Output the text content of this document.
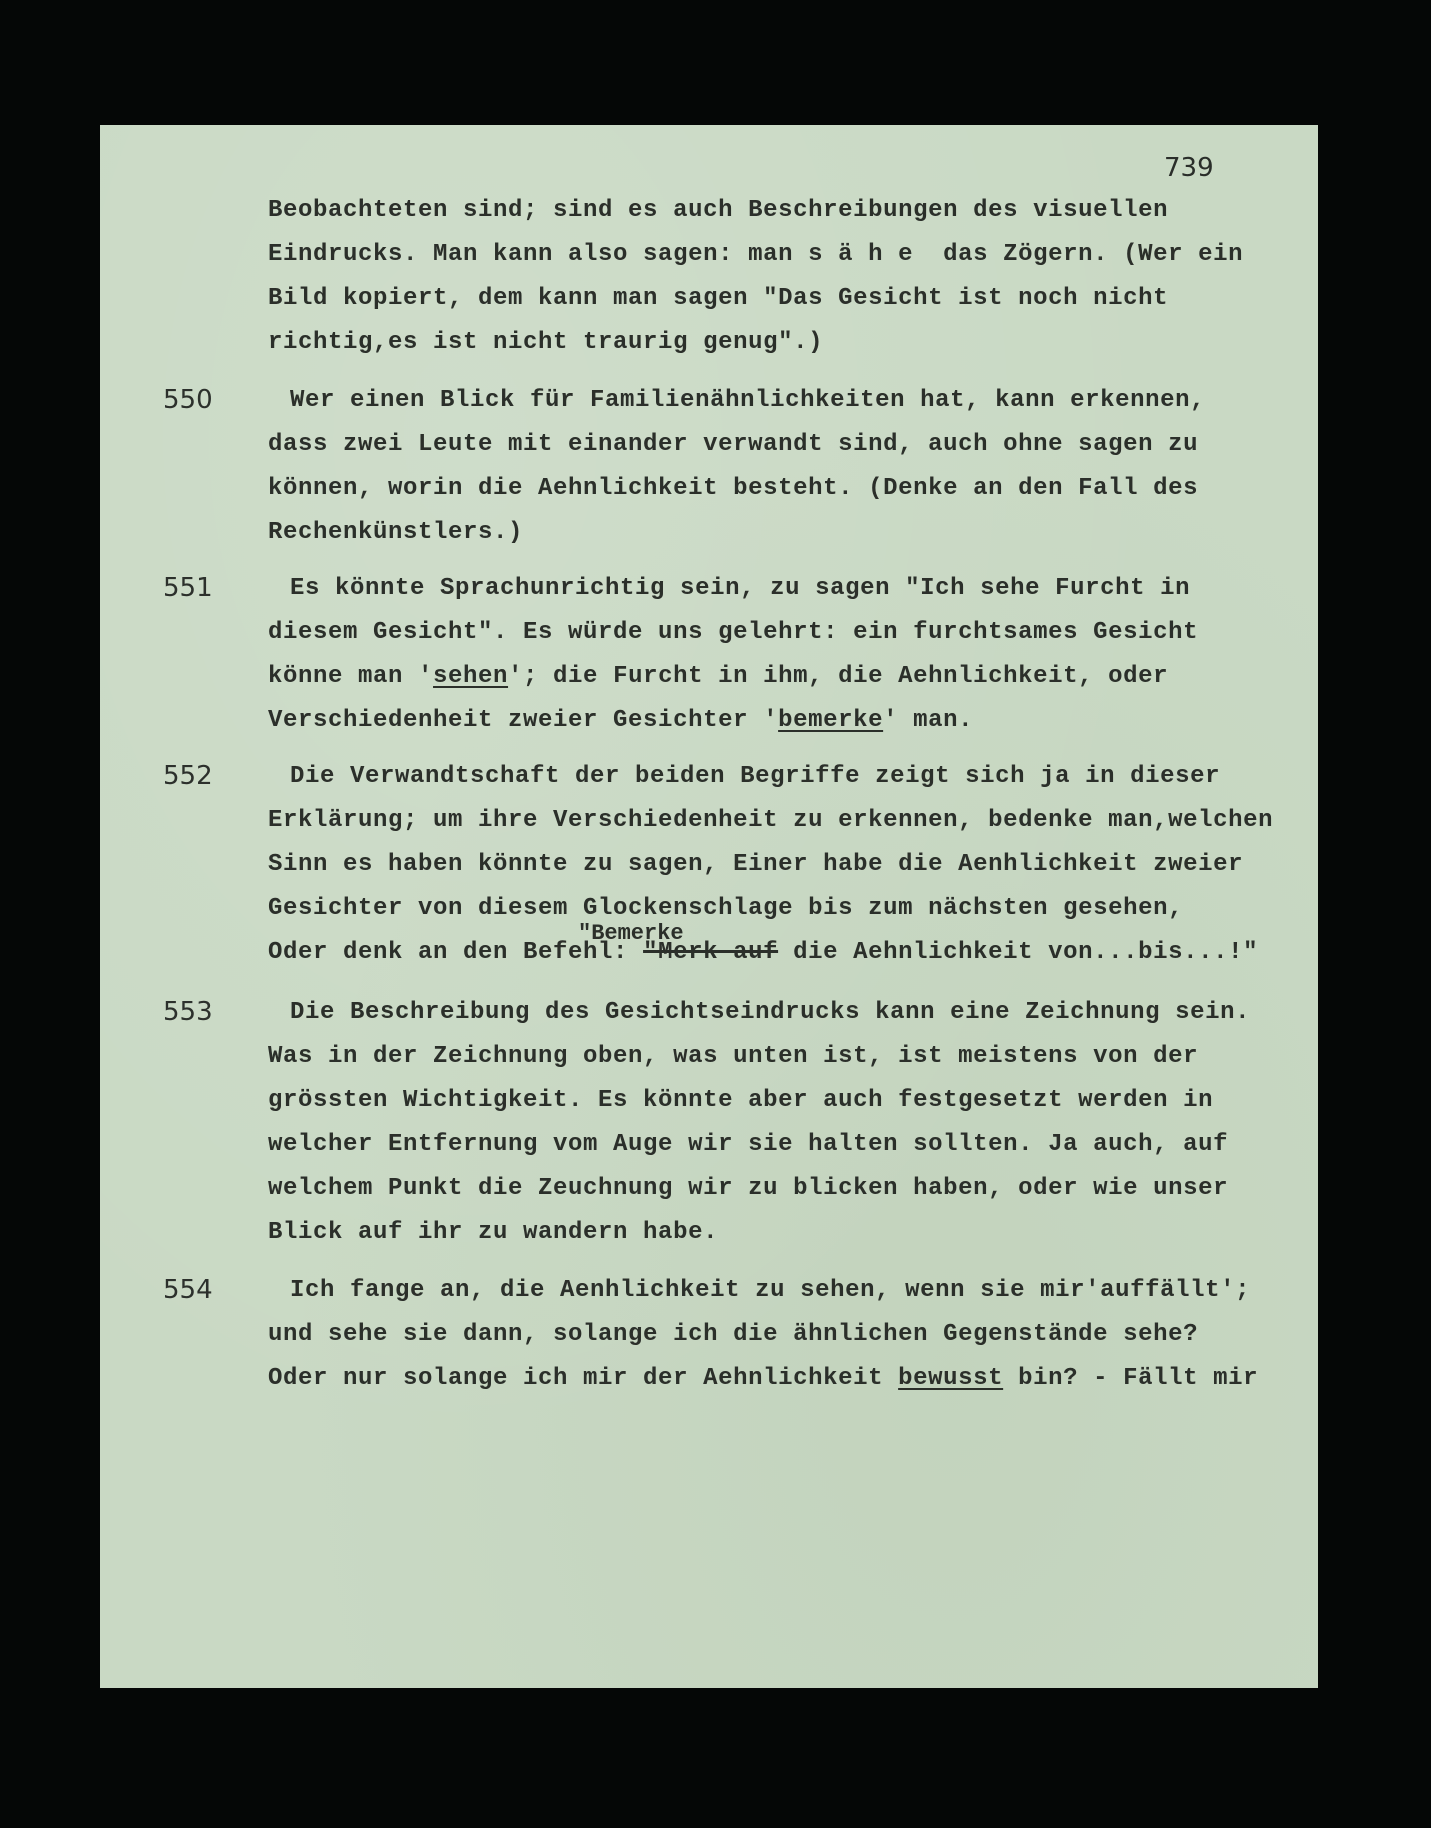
739
Beobachteten sind; sind es auch Beschreibungen des visuellen
Eindrucks. Man kann also sagen: man s ä h e  das Zögern. (Wer ein
Bild kopiert, dem kann man sagen "Das Gesicht ist noch nicht
richtig,es ist nicht traurig genug".)
550	Wer einen Blick für Familienähnlichkeiten hat, kann erkennen,
dass zwei Leute mit einander verwandt sind, auch ohne sagen zu
können, worin die Aehnlichkeit besteht. (Denke an den Fall des
Rechenkünstlers.)
551	Es könnte Sprachunrichtig sein, zu sagen "Ich sehe Furcht in
diesem Gesicht". Es würde uns gelehrt: ein furchtsames Gesicht
könne man 'sehen'; die Furcht in ihm, die Aehnlichkeit, oder
Verschiedenheit zweier Gesichter 'bemerke' man.
552	Die Verwandtschaft der beiden Begriffe zeigt sich ja in dieser
Erklärung; um ihre Verschiedenheit zu erkennen, bedenke man,welchen
Sinn es haben könnte zu sagen, Einer habe die Aenhlichkeit zweier
Gesichter von diesem Glockenschlage bis zum nächsten gesehen,
"Bemerke
Oder denk an den Befehl: "Merk auf die Aehnlichkeit von...bis...!"
553	Die Beschreibung des Gesichtseindrucks kann eine Zeichnung sein.
Was in der Zeichnung oben, was unten ist, ist meistens von der
grössten Wichtigkeit. Es könnte aber auch festgesetzt werden in
welcher Entfernung vom Auge wir sie halten sollten. Ja auch, auf
welchem Punkt die Zeuchnung wir zu blicken haben, oder wie unser
Blick auf ihr zu wandern habe.
554	Ich fange an, die Aenhlichkeit zu sehen, wenn sie mir'auffällt';
und sehe sie dann, solange ich die ähnlichen Gegenstände sehe?
Oder nur solange ich mir der Aehnlichkeit bewusst bin? - Fällt mir
